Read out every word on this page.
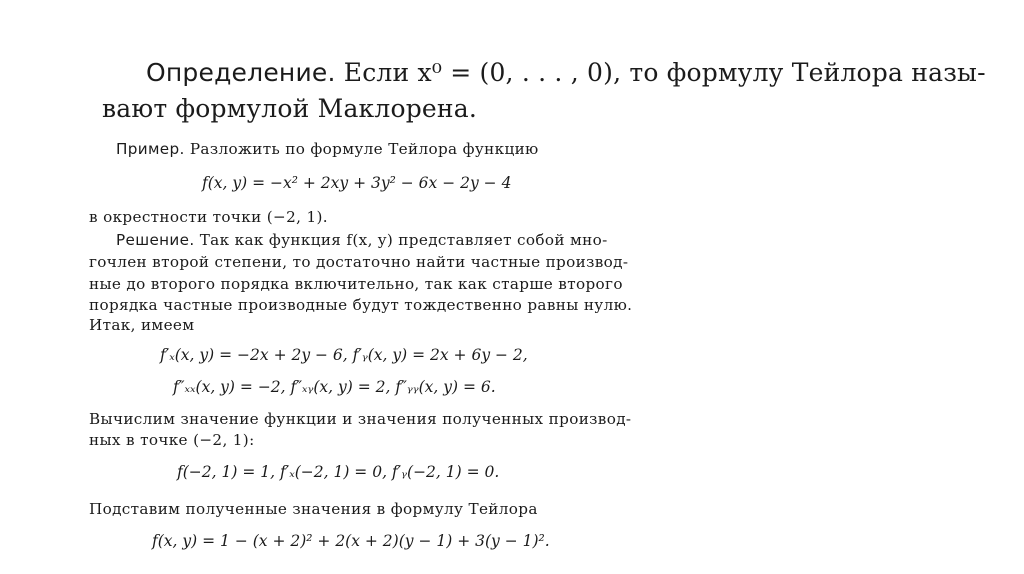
Определение. Если x⁰ = (0, . . . , 0), то формулу Тейлора назы-
вают формулой Маклорена.
Пример. Разложить по формуле Тейлора функцию
f(x, y) = −x² + 2xy + 3y² − 6x − 2y − 4
в окрестности точки (−2, 1).
Решение. Так как функция f(x, y) представляет собой мно-
гочлен второй степени, то достаточно найти частные производ-
ные до второго порядка включительно, так как старше второго
порядка частные производные будут тождественно равны нулю.
Итак, имеем
f′ₓ(x, y) = −2x + 2y − 6, f′ᵧ(x, y) = 2x + 6y − 2,
f″ₓₓ(x, y) = −2, f″ₓᵧ(x, y) = 2, f″ᵧᵧ(x, y) = 6.
Вычислим значение функции и значения полученных производ-
ных в точке (−2, 1):
f(−2, 1) = 1, f′ₓ(−2, 1) = 0, f′ᵧ(−2, 1) = 0.
Подставим полученные значения в формулу Тейлора
f(x, y) = 1 − (x + 2)² + 2(x + 2)(y − 1) + 3(y − 1)².
